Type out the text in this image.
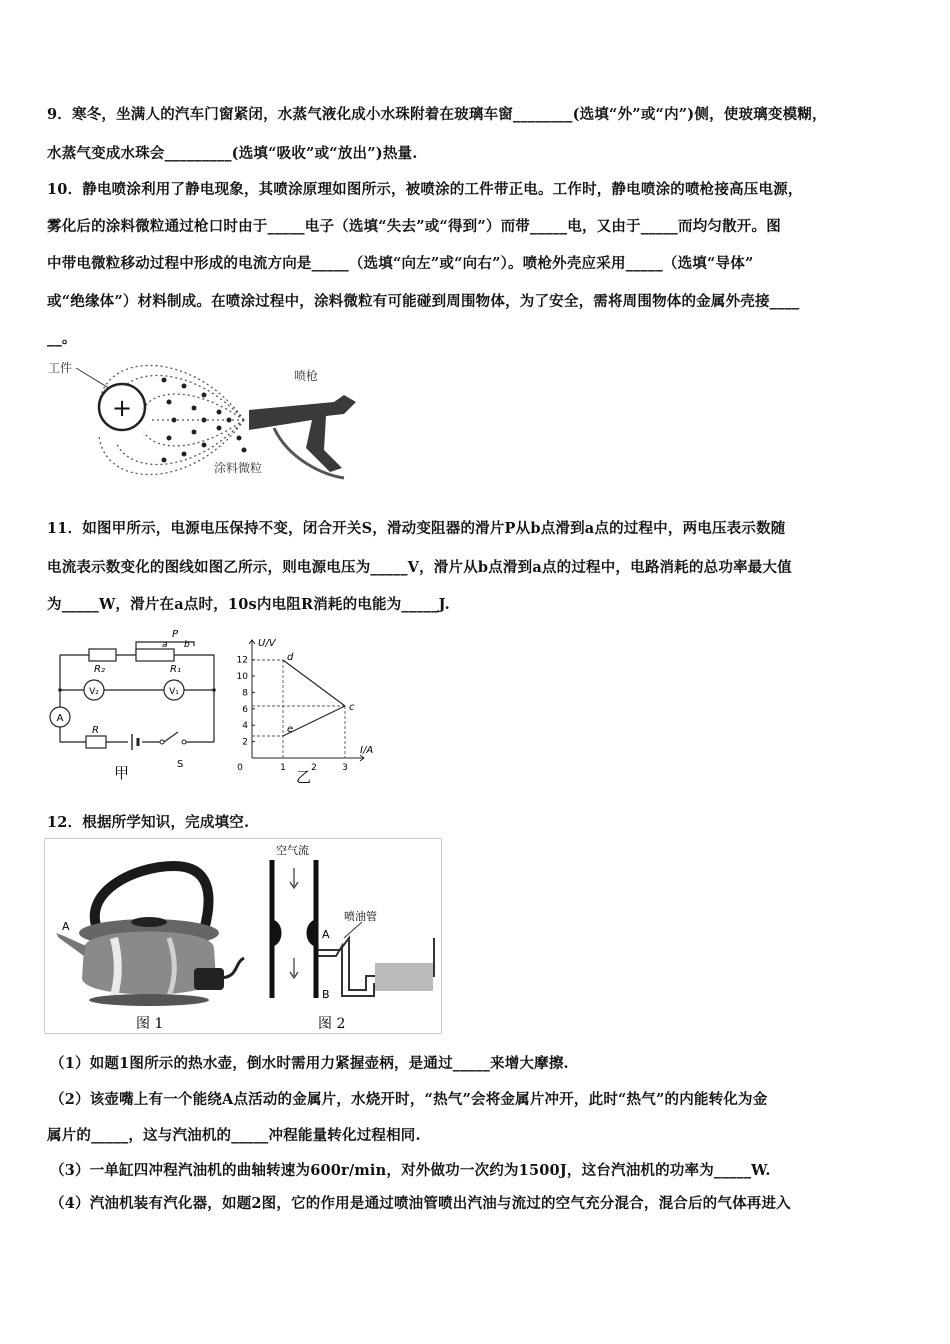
9．寒冬，坐满人的汽车门窗紧闭，水蒸气液化成小水珠附着在玻璃车窗________(选填“外”或“内”)侧，使玻璃变模糊，
水蒸气变成水珠会_________(选填“吸收”或“放出”)热量.
10．静电喷涂利用了静电现象，其喷涂原理如图所示，被喷涂的工件带正电。工作时，静电喷涂的喷枪接高压电源，
雾化后的涂料微粒通过枪口时由于_____电子（选填“失去”或“得到”）而带_____电，又由于_____而均匀散开。图
中带电微粒移动过程中形成的电流方向是_____（选填“向左”或“向右”）。喷枪外壳应采用_____（选填“导体”
或“绝缘体”）材料制成。在喷涂过程中，涂料微粒有可能碰到周围物体，为了安全，需将周围物体的金属外壳接____
__。
工件
+
喷枪
涂料微粒
11．如图甲所示，电源电压保持不变，闭合开关S，滑动变阻器的滑片P从b点滑到a点的过程中，两电压表示数随
电流表示数变化的图线如图乙所示，则电源电压为_____V，滑片从b点滑到a点的过程中，电路消耗的总功率最大值
为_____W，滑片在a点时，10s内电阻R消耗的电能为_____J.
A
V₂	V₁
R₂	R₁
P
a b
R
S
甲
U/V
I/A
12
10
8
6
4
2
0	1	2	3
d
c
e
乙
12．根据所学知识，完成填空.
A
图 1
空气流
喷油管
A
B
图 2
（1）如题1图所示的热水壶，倒水时需用力紧握壶柄，是通过_____来增大摩擦.
（2）该壶嘴上有一个能绕A点活动的金属片，水烧开时，“热气”会将金属片冲开，此时“热气”的内能转化为金
属片的_____，这与汽油机的_____冲程能量转化过程相同.
（3）一单缸四冲程汽油机的曲轴转速为600r/min，对外做功一次约为1500J，这台汽油机的功率为_____W.
（4）汽油机装有汽化器，如题2图，它的作用是通过喷油管喷出汽油与流过的空气充分混合，混合后的气体再进入
